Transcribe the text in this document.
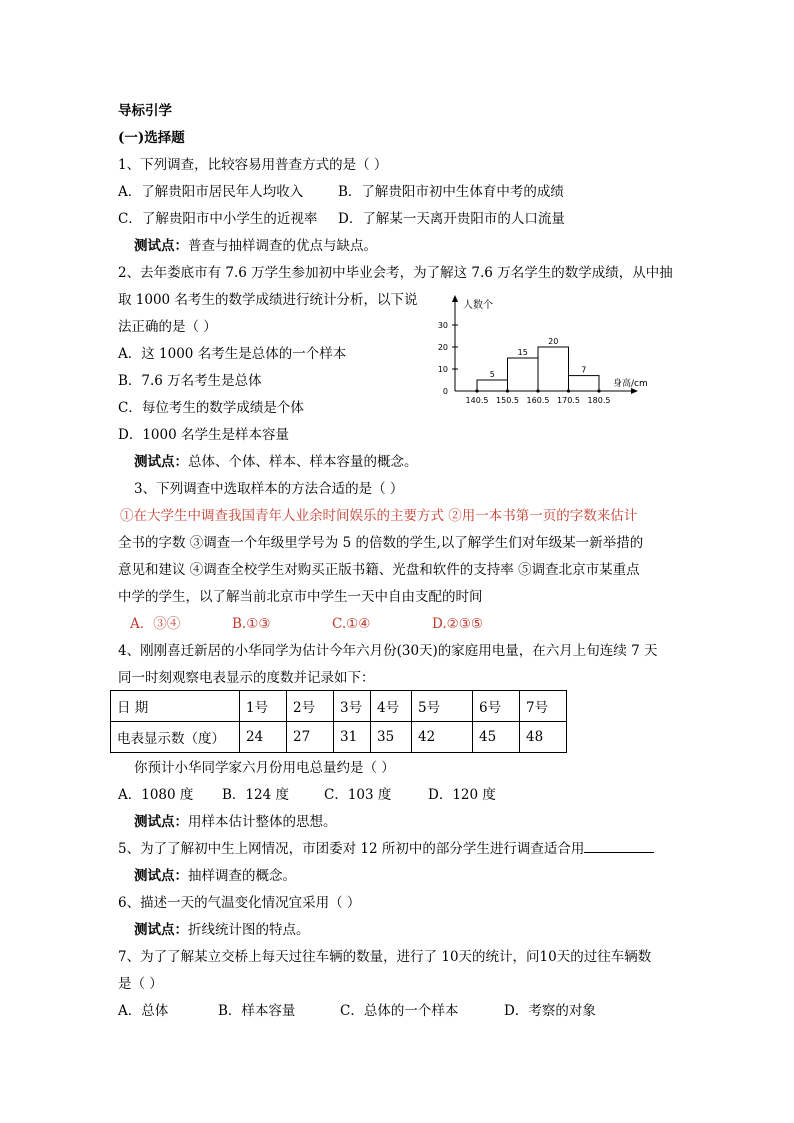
导标引学
(一)选择题
1、下列调查，比较容易用普查方式的是（ ）
A．了解贵阳市居民年人均收入	B．了解贵阳市初中生体育中考的成绩
C．了解贵阳市中小学生的近视率 D．了解某一天离开贵阳市的人口流量
测试点：普查与抽样调查的优点与缺点。
2、去年娄底市有 7.6 万学生参加初中毕业会考，为了解这 7.6 万名学生的数学成绩，从中抽
取 1000 名考生的数学成绩进行统计分析，以下说
法正确的是（ ）
A．这 1000 名考生是总体的一个样本
B．7.6 万名考生是总体
C．每位考生的数学成绩是个体
D．1000 名学生是样本容量
测试点：总体、个体、样本、样本容量的概念。
0
10
20
30
5
15
20
7
140.5 150.5 160.5 170.5 180.5
人数个
身高/cm
3、下列调查中选取样本的方法合适的是（ ）
①在大学生中调查我国青年人业余时间娱乐的主要方式 ②用一本书第一页的字数来估计
全书的字数 ③调查一个年级里学号为 5 的倍数的学生,以了解学生们对年级某一新举措的
意见和建议 ④调查全校学生对购买正版书籍、光盘和软件的支持率 ⑤调查北京市某重点
中学的学生，以了解当前北京市中学生一天中自由支配的时间
A．③④	B.①③	C.①④	D.②③⑤
4、刚刚喜迁新居的小华同学为估计今年六月份(30天)的家庭用电量，在六月上旬连续 7 天
同一时刻观察电表显示的度数并记录如下：
日 期	1号	2号	3号	4号	5号	6号	7号
电表显示数（度）	24	27	31	35	42	45	48
你预计小华同学家六月份用电总量约是（ ）
A．1080 度 B．124 度	C．103 度	D．120 度
测试点：用样本估计整体的思想。
5、为了了解初中生上网情况，市团委对 12 所初中的部分学生进行调查适合用
测试点：抽样调查的概念。
6、描述一天的气温变化情况宜采用（ ）
测试点：折线统计图的特点。
7、为了了解某立交桥上每天过往车辆的数量，进行了 10天的统计，问10天的过往车辆数
是（ ）
A．总体	B．样本容量	C．总体的一个样本	D．考察的对象
